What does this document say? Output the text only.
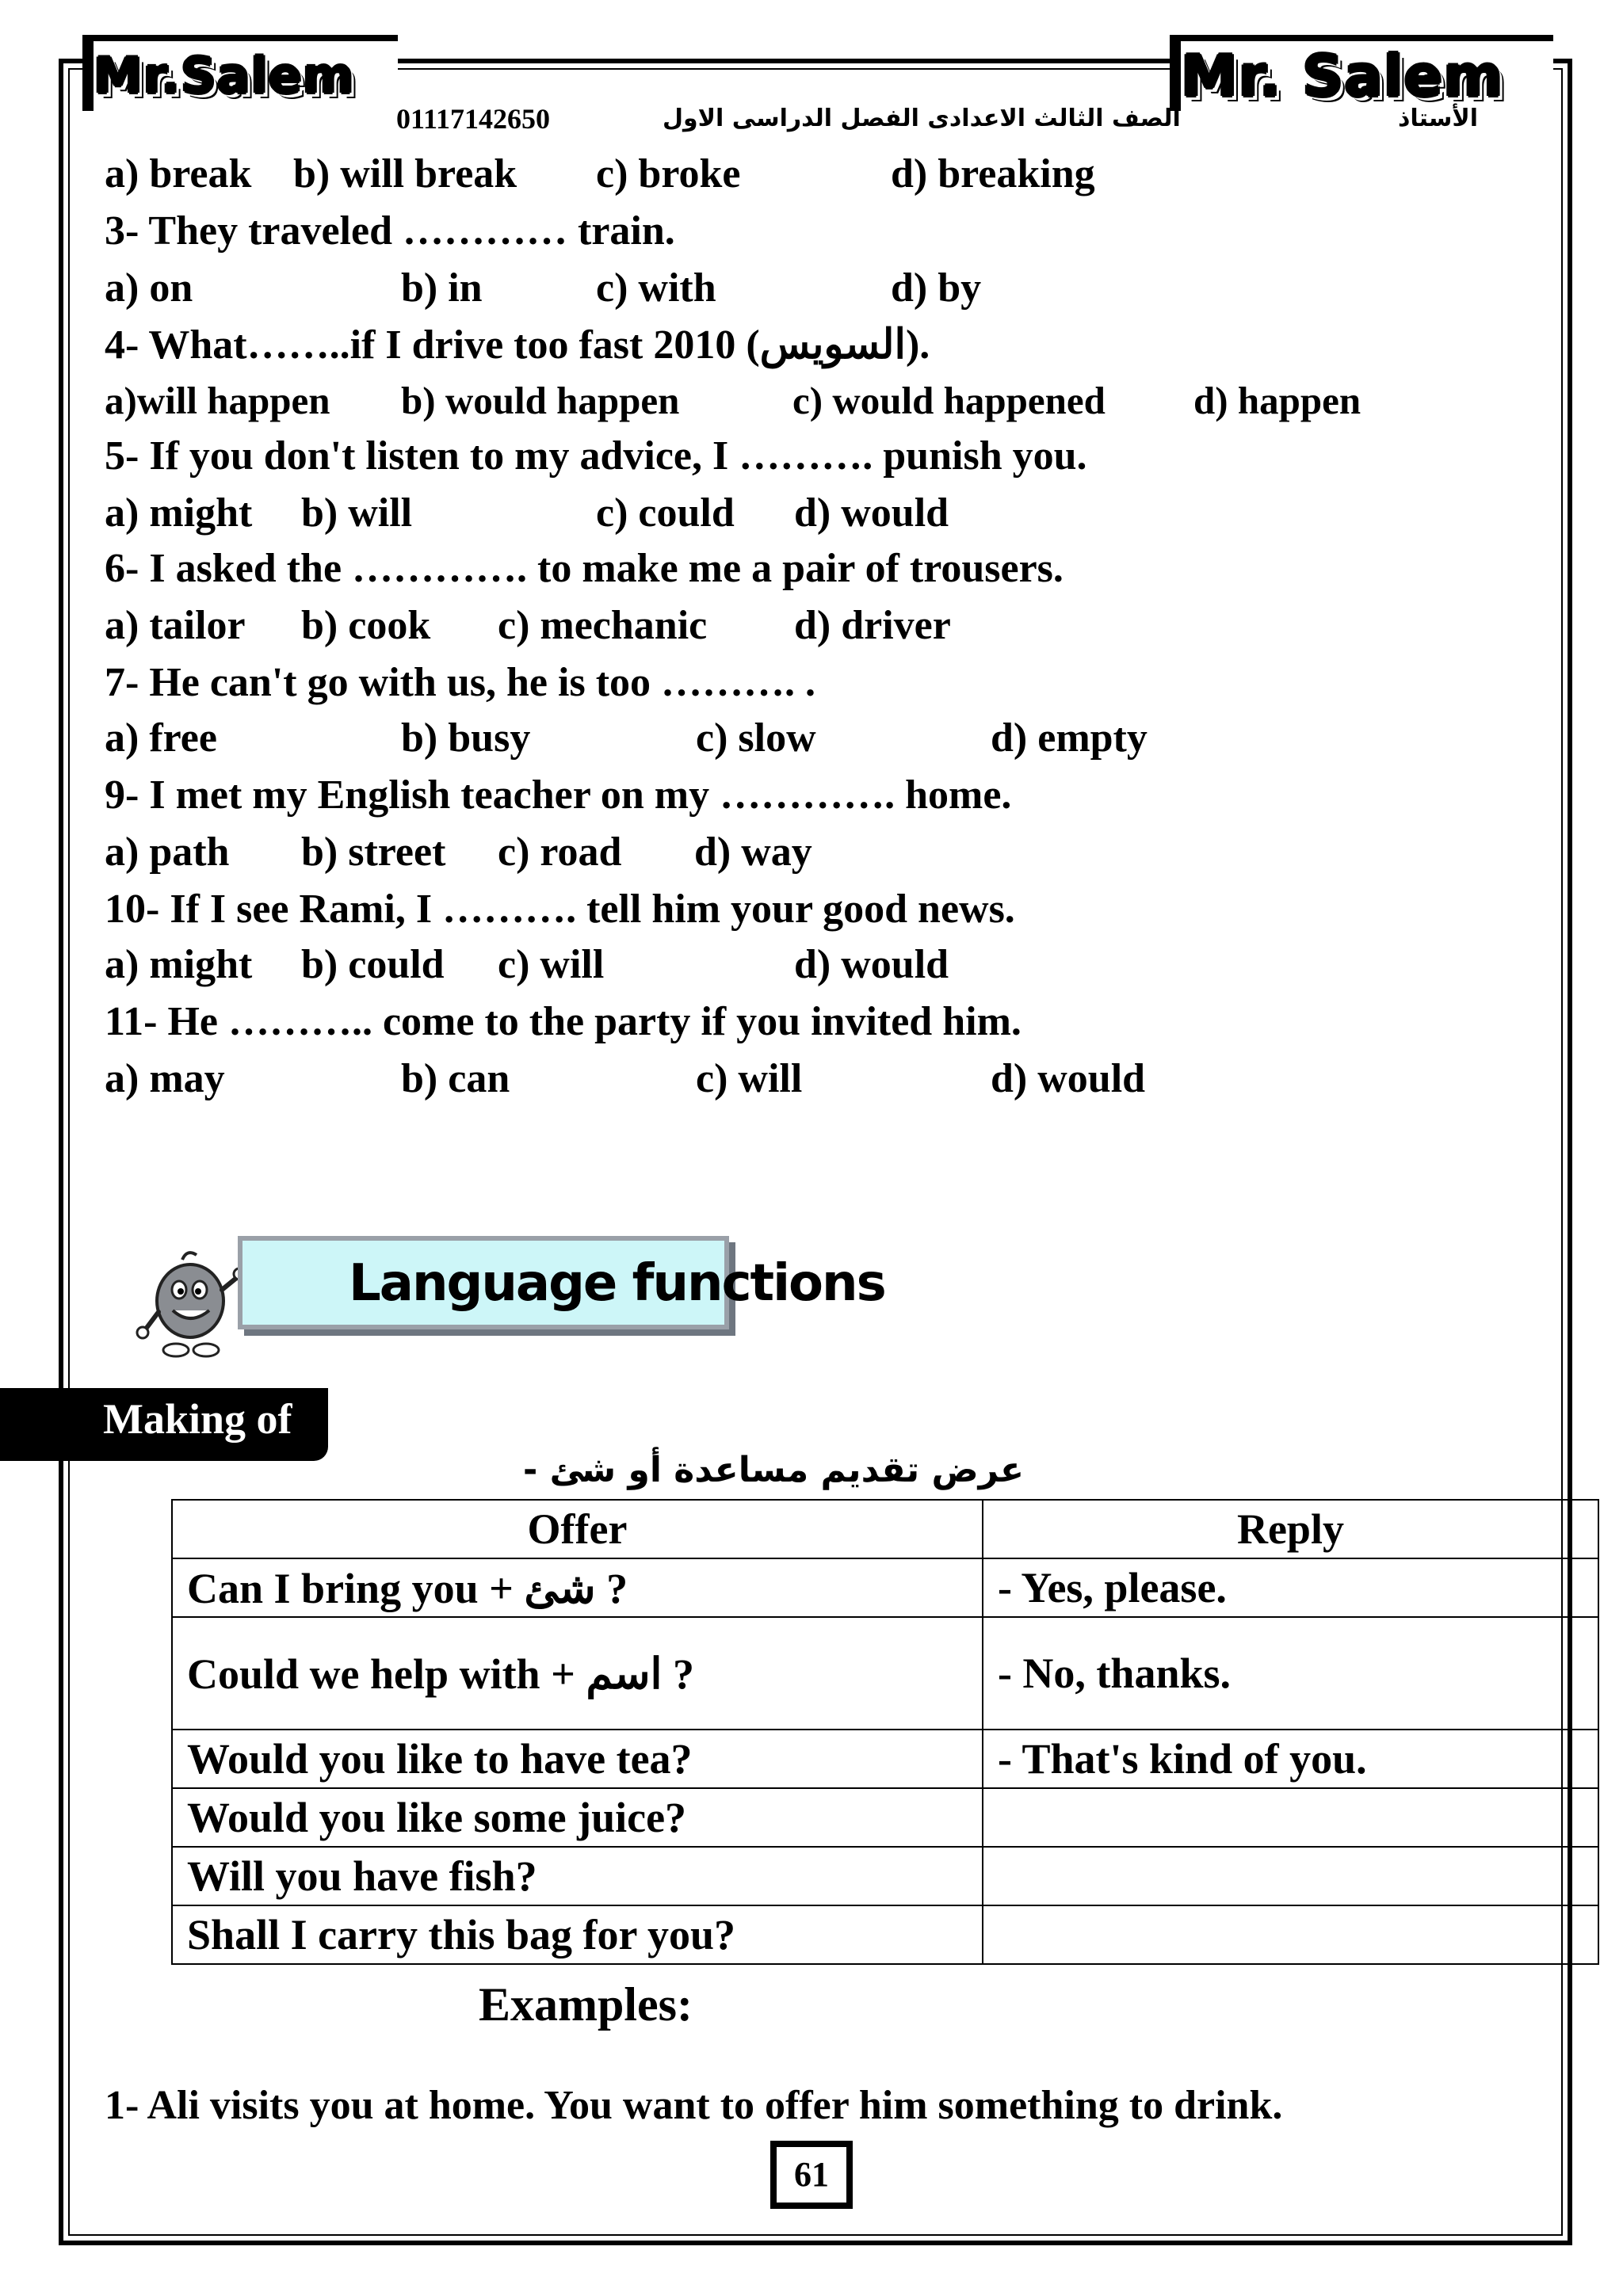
Mr.Salem	Mr. Salem
01117142650	الصف الثالث الاعدادى الفصل الدراسى الاول	الأستاذ
a) break b) will break c) broke	d) breaking
3- They traveled ………… train.
a) on	b) in	c) with	d) by
4- What……..if I drive too fast 2010 (السويس).
a)will happen b) would happen	c) would happened d) happen
5- If you don't listen to my advice, I ………. punish you.
a) might b) will	c) could d) would
6- I asked the …………. to make me a pair of trousers.
a) tailor b) cook c) mechanic d) driver
7- He can't go with us, he is too ………. .
a) free	b) busy	c) slow	d) empty
9- I met my English teacher on my …………. home.
a) path b) street c) road d) way
10- If I see Rami, I ………. tell him your good news.
a) might b) could c) will	d) would
11- He ……….. come to the party if you invited him.
a) may	b) can	c) will	d) would
Language functions
Making of
عرض تقديم مساعدة أو شئ -
Offer	Reply
Can I bring you + شئ ?	- Yes, please.
Could we help with + اسم ?	- No, thanks.
Would you like to have tea?	- That's kind of you.
Would you like some juice?	
Will you have fish?	
Shall I carry this bag for you?	
Examples:
1- Ali visits you at home. You want to offer him something to drink.
61
